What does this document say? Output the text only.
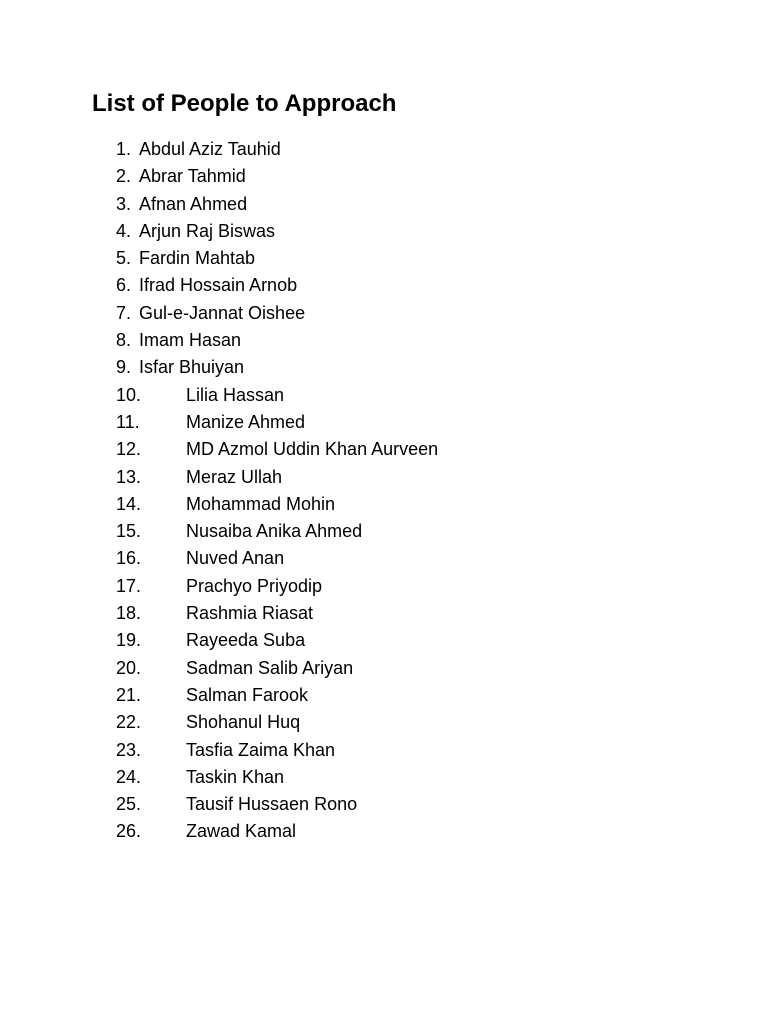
List of People to Approach
1. Abdul Aziz Tauhid
2. Abrar Tahmid
3. Afnan Ahmed
4. Arjun Raj Biswas
5. Fardin Mahtab
6. Ifrad Hossain Arnob
7. Gul-e-Jannat Oishee
8. Imam Hasan
9. Isfar Bhuiyan
10. Lilia Hassan
11.	Manize Ahmed
12. MD Azmol Uddin Khan Aurveen
13. Meraz Ullah
14. Mohammad Mohin
15. Nusaiba Anika Ahmed
16. Nuved Anan
17. Prachyo Priyodip
18. Rashmia Riasat
19. Rayeeda Suba
20. Sadman Salib Ariyan
21. Salman Farook
22. Shohanul Huq
23. Tasfia Zaima Khan
24. Taskin Khan
25. Tausif Hussaen Rono
26. Zawad Kamal
